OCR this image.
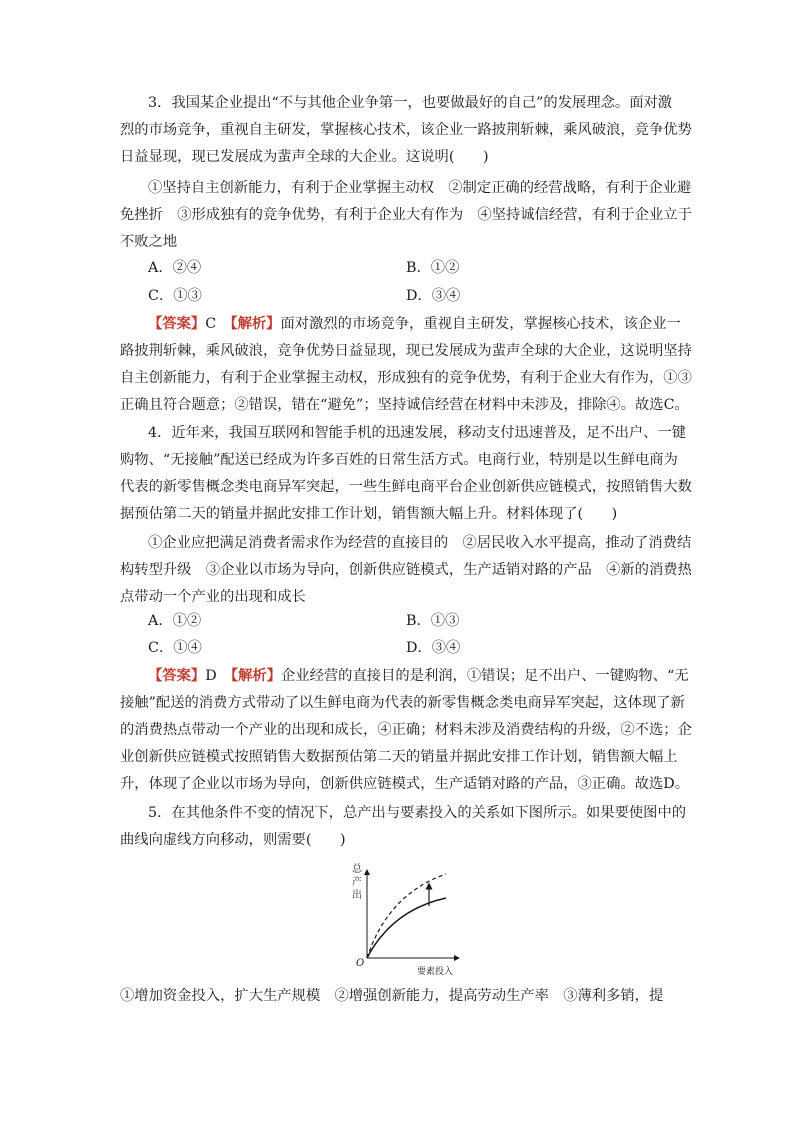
3．我国某企业提出“不与其他企业争第一，也要做最好的自己”的发展理念。面对激
烈的市场竞争，重视自主研发，掌握核心技术，该企业一路披荆斩棘，乘风破浪，竞争优势
日益显现，现已发展成为蜚声全球的大企业。这说明(　　)
①坚持自主创新能力，有利于企业掌握主动权　②制定正确的经营战略，有利于企业避
免挫折　③形成独有的竞争优势，有利于企业大有作为　④坚持诚信经营，有利于企业立于
不败之地
A．②④	B．①②
C．①③	D．③④
【答案】C　 【解析】面对激烈的市场竞争，重视自主研发，掌握核心技术，该企业一
路披荆斩棘，乘风破浪，竞争优势日益显现，现已发展成为蜚声全球的大企业，这说明坚持
自主创新能力，有利于企业掌握主动权，形成独有的竞争优势，有利于企业大有作为，①③
正确且符合题意；②错误，错在“避免”；坚持诚信经营在材料中未涉及，排除④。故选C。
4．近年来，我国互联网和智能手机的迅速发展，移动支付迅速普及，足不出户、一键
购物、“无接触”配送已经成为许多百姓的日常生活方式。电商行业，特别是以生鲜电商为
代表的新零售概念类电商异军突起，一些生鲜电商平台企业创新供应链模式，按照销售大数
据预估第二天的销量并据此安排工作计划，销售额大幅上升。材料体现了(　　)
①企业应把满足消费者需求作为经营的直接目的　②居民收入水平提高，推动了消费结
构转型升级　③企业以市场为导向，创新供应链模式，生产适销对路的产品　④新的消费热
点带动一个产业的出现和成长
A．①②	B．①③
C．①④	D．③④
【答案】D　 【解析】企业经营的直接目的是利润，①错误；足不出户、一键购物、“无
接触”配送的消费方式带动了以生鲜电商为代表的新零售概念类电商异军突起，这体现了新
的消费热点带动一个产业的出现和成长，④正确；材料未涉及消费结构的升级，②不选；企
业创新供应链模式按照销售大数据预估第二天的销量并据此安排工作计划，销售额大幅上
升，体现了企业以市场为导向，创新供应链模式，生产适销对路的产品，③正确。故选D。
5．在其他条件不变的情况下，总产出与要素投入的关系如下图所示。如果要使图中的
曲线向虚线方向移动，则需要(　　)
总
产
出
O
要素投入
①增加资金投入，扩大生产规模　②增强创新能力，提高劳动生产率　③薄利多销，提
